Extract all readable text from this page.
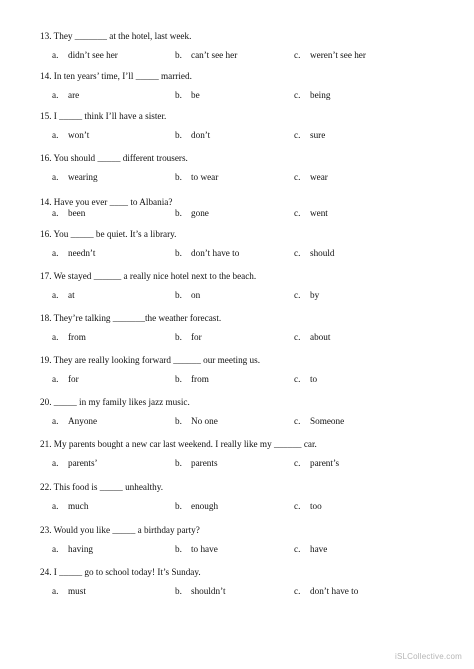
13. They _______ at the hotel, last week.
a. didn’t see her	b. can’t see her	c. weren’t see her
14. In ten years’ time, I’ll _____ married.
a. are	b. be	c. being
15. I _____ think I’ll have a sister.
a. won’t	b. don’t	c. sure
16. You should _____ different trousers.
a. wearing	b. to wear	c. wear
14. Have you ever ____ to Albania?
a. been	b. gone	c. went
16. You _____ be quiet. It’s a library.
a. needn’t	b. don’t have to	c. should
17. We stayed ______ a really nice hotel next to the beach.
a. at	b. on	c. by
18. They’re talking _______the weather forecast.
a. from	b. for	c. about
19. They are really looking forward ______ our meeting us.
a. for	b. from	c. to
20. _____ in my family likes jazz music.
a. Anyone	b. No one	c. Someone
21. My parents bought a new car last weekend. I really like my ______ car.
a. parents’	b. parents	c. parent’s
22. This food is _____ unhealthy.
a. much	b. enough	c. too
23. Would you like _____ a birthday party?
a. having	b. to have	c. have
24. I _____ go to school today! It’s Sunday.
a. must	b. shouldn’t	c. don’t have to
iSLCollective.com
